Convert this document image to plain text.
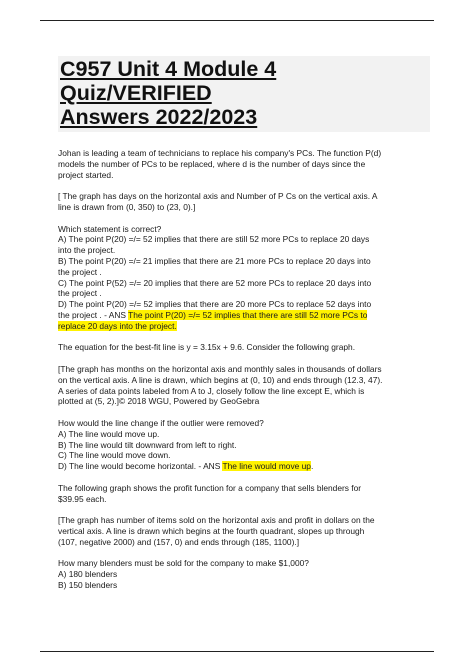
C957 Unit 4 Module 4 Quiz/VERIFIED
Answers 2022/2023
Johan is leading a team of technicians to replace his company's PCs. The function P(d)
models the number of PCs to be replaced, where d is the number of days since the
project started.
[ The graph has days on the horizontal axis and Number of P Cs on the vertical axis. A
line is drawn from (0, 350) to (23, 0).]
Which statement is correct?
A) The point P(20) =/= 52 implies that there are still 52 more PCs to replace 20 days
into the project.
B) The point P(20) =/= 21 implies that there are 21 more PCs to replace 20 days into
the project .
C) The point P(52) =/= 20 implies that there are 52 more PCs to replace 20 days into
the project .
D) The point P(20) =/= 52 implies that there are 20 more PCs to replace 52 days into
the project . - ANS The point P(20) =/= 52 implies that there are still 52 more PCs to
replace 20 days into the project.
The equation for the best-fit line is y = 3.15x + 9.6. Consider the following graph.
[The graph has months on the horizontal axis and monthly sales in thousands of dollars
on the vertical axis. A line is drawn, which begins at (0, 10) and ends through (12.3, 47).
A series of data points labeled from A to J, closely follow the line except E, which is
plotted at (5, 2).]© 2018 WGU, Powered by GeoGebra
How would the line change if the outlier were removed?
A) The line would move up.
B) The line would tilt downward from left to right.
C) The line would move down.
D) The line would become horizontal. - ANS The line would move up.
The following graph shows the profit function for a company that sells blenders for
$39.95 each.
[The graph has number of items sold on the horizontal axis and profit in dollars on the
vertical axis. A line is drawn which begins at the fourth quadrant, slopes up through
(107, negative 2000) and (157, 0) and ends through (185, 1100).]
How many blenders must be sold for the company to make $1,000?
A) 180 blenders
B) 150 blenders
